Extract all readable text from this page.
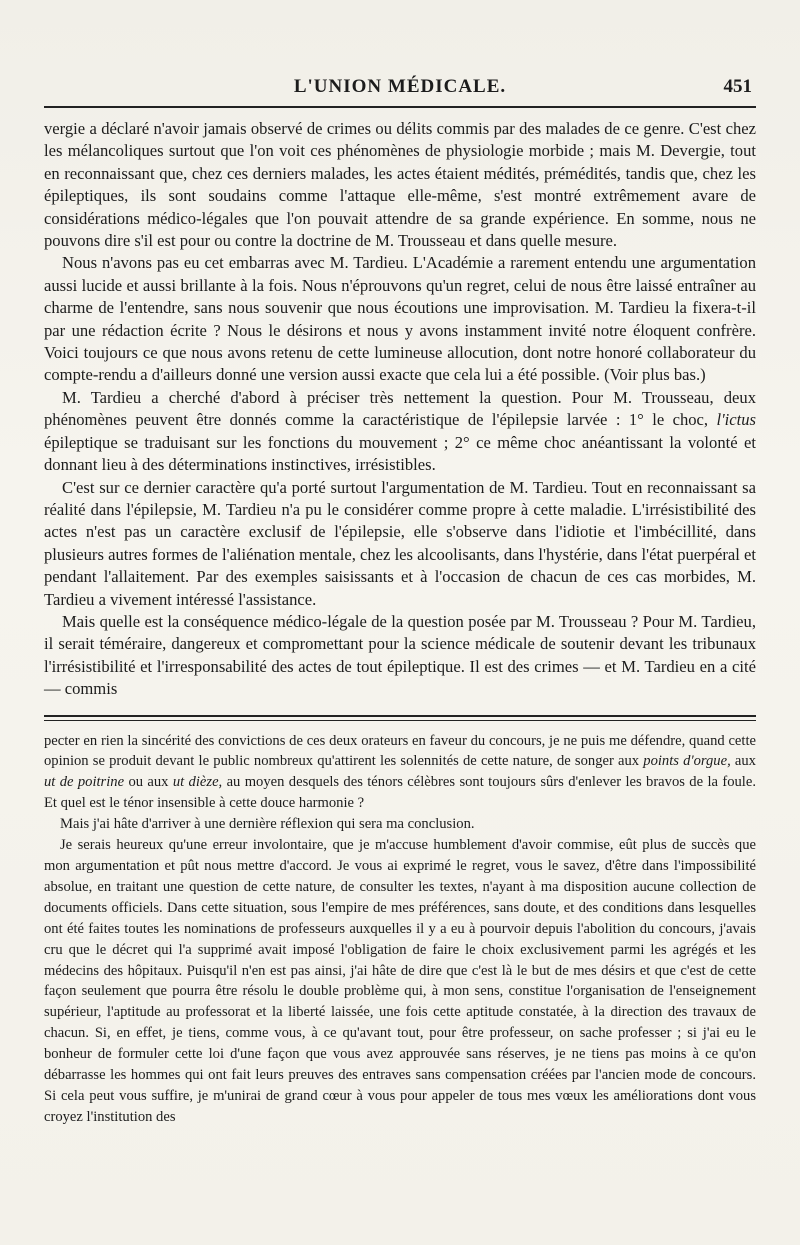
L'UNION MÉDICALE.	451

vergie a déclaré n'avoir jamais observé de crimes ou délits commis par des malades de ce genre. C'est chez les mélancoliques surtout que l'on voit ces phénomènes de physiologie morbide ; mais M. Devergie, tout en reconnaissant que, chez ces derniers malades, les actes étaient médités, prémédités, tandis que, chez les épileptiques, ils sont soudains comme l'attaque elle-même, s'est montré extrêmement avare de considérations médico-légales que l'on pouvait attendre de sa grande expérience. En somme, nous ne pouvons dire s'il est pour ou contre la doctrine de M. Trousseau et dans quelle mesure.

Nous n'avons pas eu cet embarras avec M. Tardieu. L'Académie a rarement entendu une argumentation aussi lucide et aussi brillante à la fois. Nous n'éprouvons qu'un regret, celui de nous être laissé entraîner au charme de l'entendre, sans nous souvenir que nous écoutions une improvisation. M. Tardieu la fixera-t-il par une rédaction écrite ? Nous le désirons et nous y avons instamment invité notre éloquent confrère. Voici toujours ce que nous avons retenu de cette lumineuse allocution, dont notre honoré collaborateur du compte-rendu a d'ailleurs donné une version aussi exacte que cela lui a été possible. (Voir plus bas.)

M. Tardieu a cherché d'abord à préciser très nettement la question. Pour M. Trousseau, deux phénomènes peuvent être donnés comme la caractéristique de l'épilepsie larvée : 1° le choc, l'ictus épileptique se traduisant sur les fonctions du mouvement ; 2° ce même choc anéantissant la volonté et donnant lieu à des déterminations instinctives, irrésistibles.

C'est sur ce dernier caractère qu'a porté surtout l'argumentation de M. Tardieu. Tout en reconnaissant sa réalité dans l'épilepsie, M. Tardieu n'a pu le considérer comme propre à cette maladie. L'irrésistibilité des actes n'est pas un caractère exclusif de l'épilepsie, elle s'observe dans l'idiotie et l'imbécillité, dans plusieurs autres formes de l'aliénation mentale, chez les alcoolisants, dans l'hystérie, dans l'état puerpéral et pendant l'allaitement. Par des exemples saisissants et à l'occasion de chacun de ces cas morbides, M. Tardieu a vivement intéressé l'assistance.

Mais quelle est la conséquence médico-légale de la question posée par M. Trousseau ? Pour M. Tardieu, il serait téméraire, dangereux et compromettant pour la science médicale de soutenir devant les tribunaux l'irrésistibilité et l'irresponsabilité des actes de tout épileptique. Il est des crimes — et M. Tardieu en a cité — commis

pecter en rien la sincérité des convictions de ces deux orateurs en faveur du concours, je ne puis me défendre, quand cette opinion se produit devant le public nombreux qu'attirent les solennités de cette nature, de songer aux points d'orgue, aux ut de poitrine ou aux ut dièze, au moyen desquels des ténors célèbres sont toujours sûrs d'enlever les bravos de la foule. Et quel est le ténor insensible à cette douce harmonie ?

Mais j'ai hâte d'arriver à une dernière réflexion qui sera ma conclusion.

Je serais heureux qu'une erreur involontaire, que je m'accuse humblement d'avoir commise, eût plus de succès que mon argumentation et pût nous mettre d'accord. Je vous ai exprimé le regret, vous le savez, d'être dans l'impossibilité absolue, en traitant une question de cette nature, de consulter les textes, n'ayant à ma disposition aucune collection de documents officiels. Dans cette situation, sous l'empire de mes préférences, sans doute, et des conditions dans lesquelles ont été faites toutes les nominations de professeurs auxquelles il y a eu à pourvoir depuis l'abolition du concours, j'avais cru que le décret qui l'a supprimé avait imposé l'obligation de faire le choix exclusivement parmi les agrégés et les médecins des hôpitaux. Puisqu'il n'en est pas ainsi, j'ai hâte de dire que c'est là le but de mes désirs et que c'est de cette façon seulement que pourra être résolu le double problème qui, à mon sens, constitue l'organisation de l'enseignement supérieur, l'aptitude au professorat et la liberté laissée, une fois cette aptitude constatée, à la direction des travaux de chacun. Si, en effet, je tiens, comme vous, à ce qu'avant tout, pour être professeur, on sache professer ; si j'ai eu le bonheur de formuler cette loi d'une façon que vous avez approuvée sans réserves, je ne tiens pas moins à ce qu'on débarrasse les hommes qui ont fait leurs preuves des entraves sans compensation créées par l'ancien mode de concours. Si cela peut vous suffire, je m'unirai de grand cœur à vous pour appeler de tous mes vœux les améliorations dont vous croyez l'institution des
